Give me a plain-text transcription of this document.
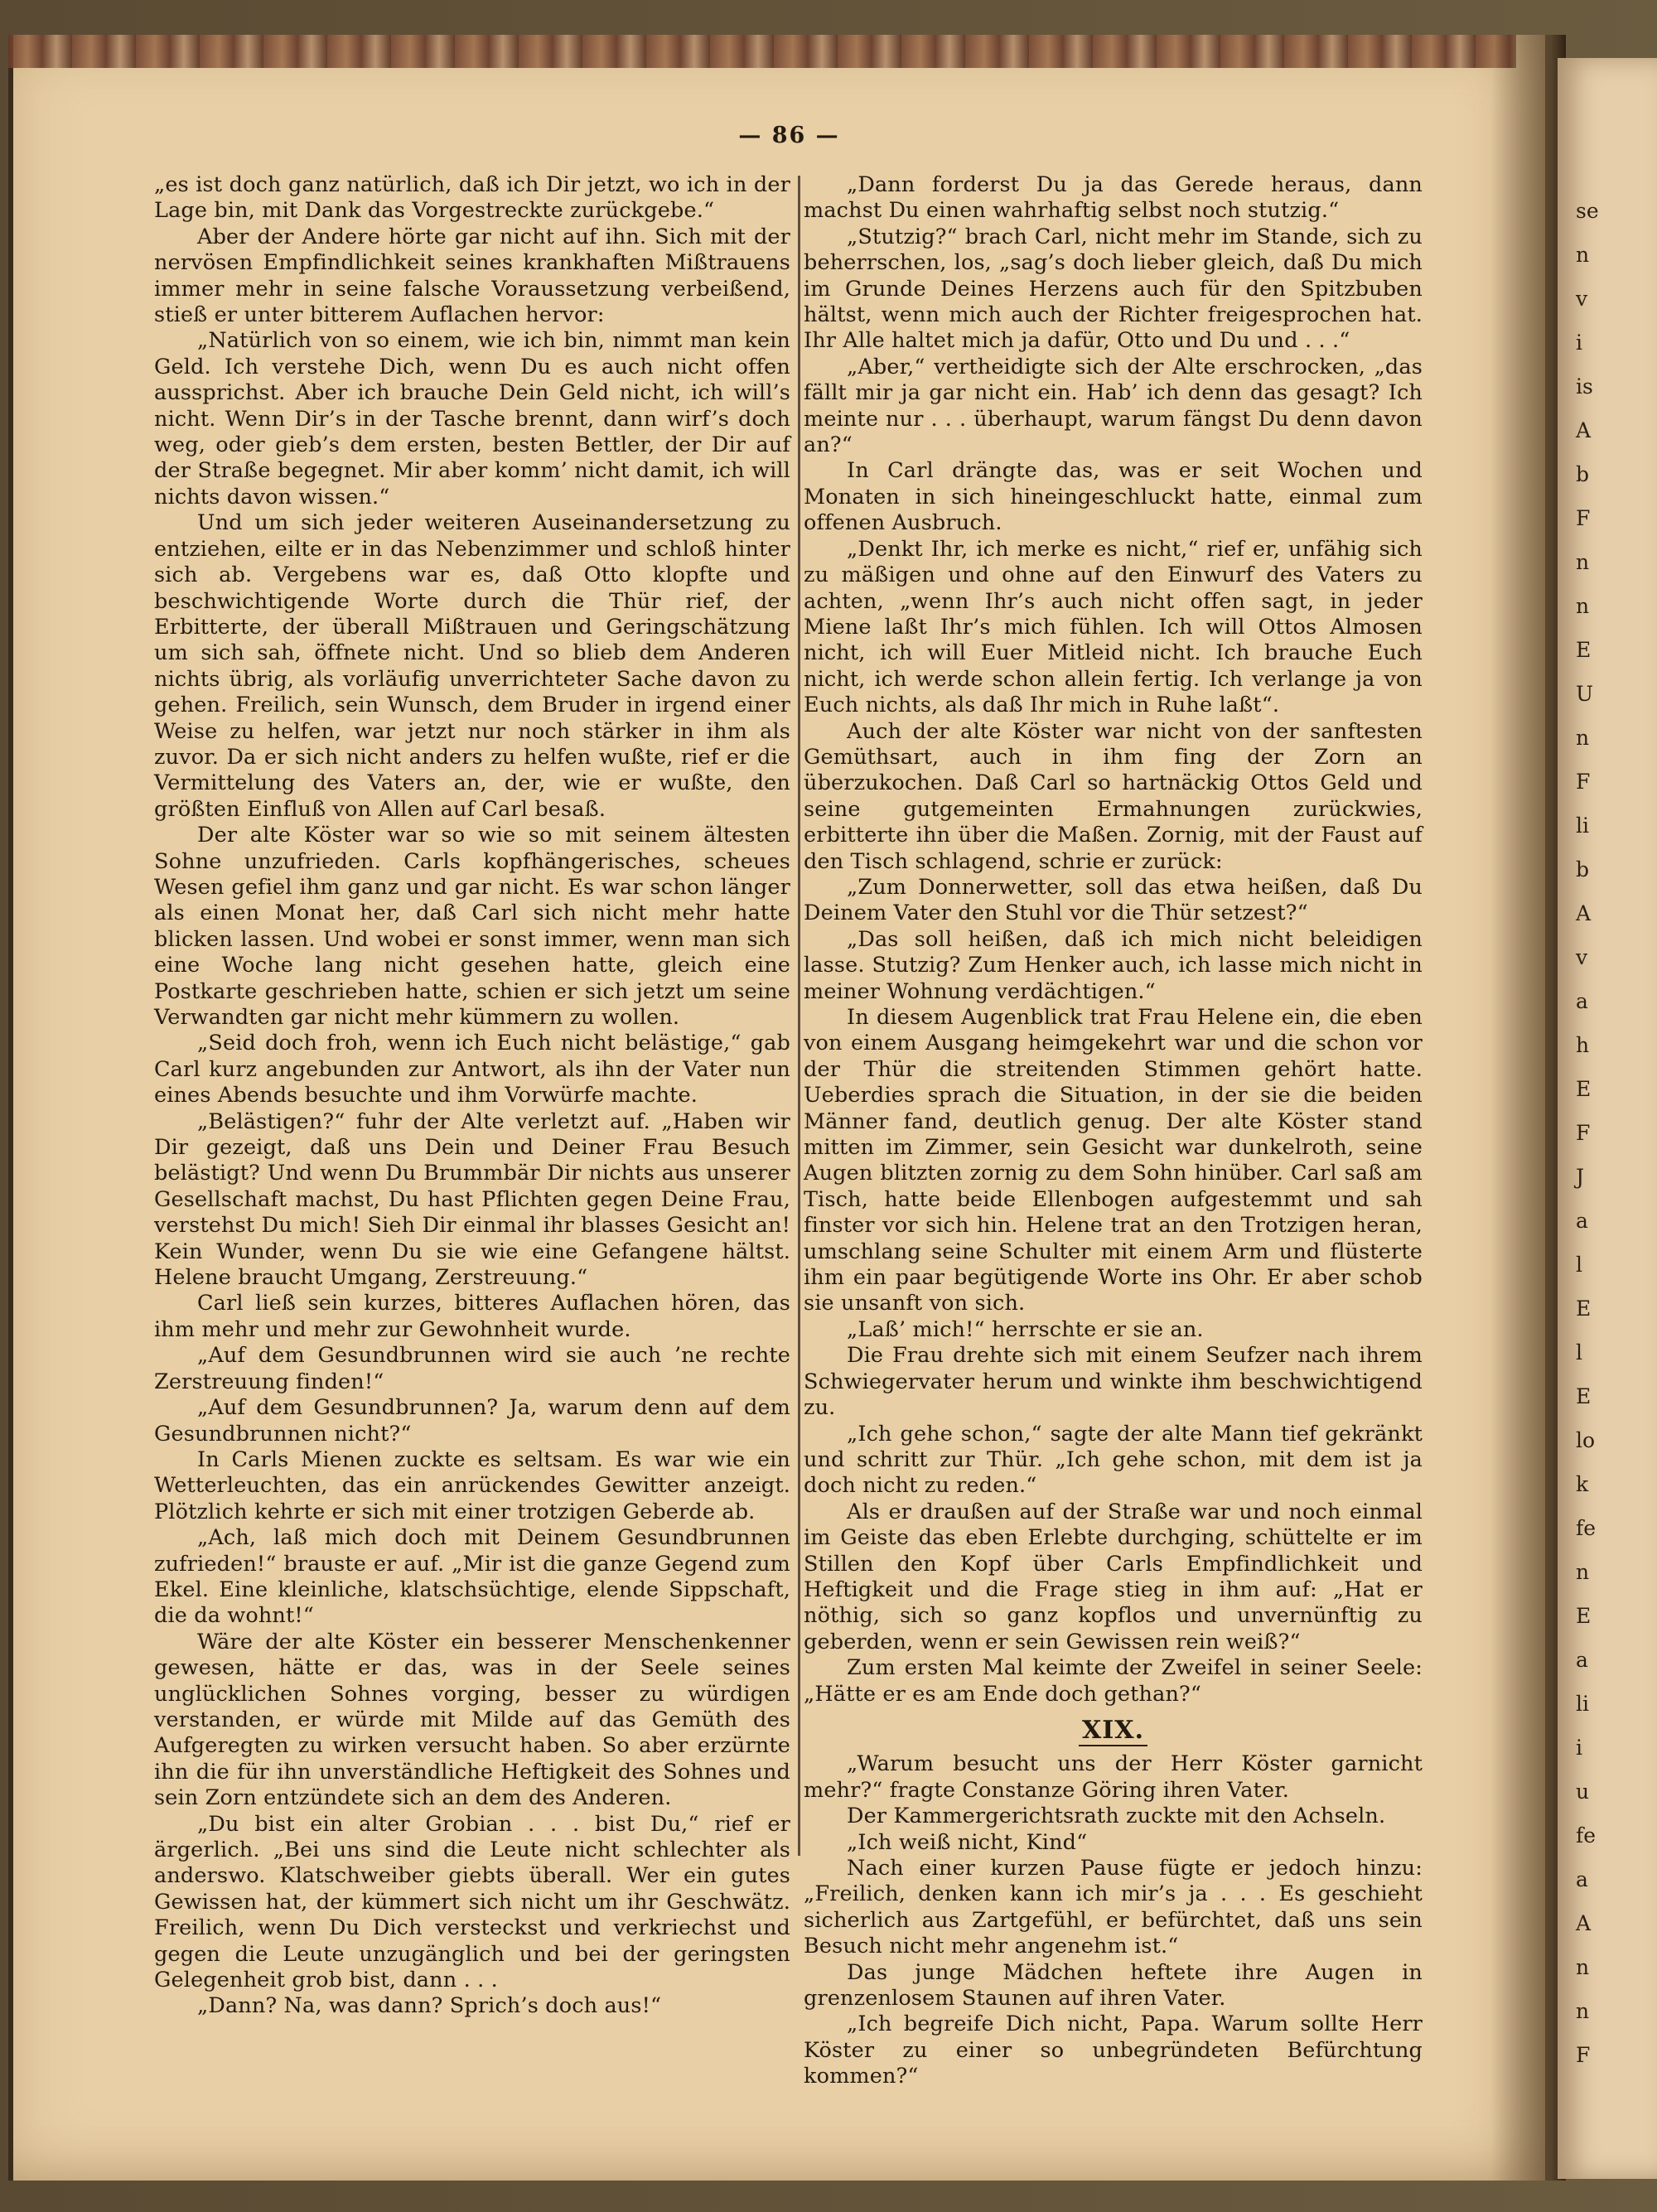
se
n
v
i
is
A
b
F
n
n
E
U
n
F
li
b
A
v
a
h
E
F
J
a
l
E
l
E
lo
k
fe
n
E
a
li
i
u
fe
a
A
n
n
F
— 86 —

„es ist doch ganz natürlich, daß ich Dir jetzt, wo ich in der Lage bin, mit Dank das Vorgestreckte zurückgebe.“

Aber der Andere hörte gar nicht auf ihn. Sich mit der nervösen Empfindlichkeit seines krankhaften Mißtrauens immer mehr in seine falsche Voraussetzung verbeißend, stieß er unter bitterem Auflachen hervor:

„Natürlich von so einem, wie ich bin, nimmt man kein Geld. Ich verstehe Dich, wenn Du es auch nicht offen aussprichst. Aber ich brauche Dein Geld nicht, ich will’s nicht. Wenn Dir’s in der Tasche brennt, dann wirf’s doch weg, oder gieb’s dem ersten, besten Bettler, der Dir auf der Straße begegnet. Mir aber komm’ nicht damit, ich will nichts davon wissen.“

Und um sich jeder weiteren Auseinandersetzung zu entziehen, eilte er in das Nebenzimmer und schloß hinter sich ab. Vergebens war es, daß Otto klopfte und beschwichtigende Worte durch die Thür rief, der Erbitterte, der überall Mißtrauen und Geringschätzung um sich sah, öffnete nicht. Und so blieb dem Anderen nichts übrig, als vorläufig unverrichteter Sache davon zu gehen. Freilich, sein Wunsch, dem Bruder in irgend einer Weise zu helfen, war jetzt nur noch stärker in ihm als zuvor. Da er sich nicht anders zu helfen wußte, rief er die Vermittelung des Vaters an, der, wie er wußte, den größten Einfluß von Allen auf Carl besaß.

Der alte Köster war so wie so mit seinem ältesten Sohne unzufrieden. Carls kopfhängerisches, scheues Wesen gefiel ihm ganz und gar nicht. Es war schon länger als einen Monat her, daß Carl sich nicht mehr hatte blicken lassen. Und wobei er sonst immer, wenn man sich eine Woche lang nicht gesehen hatte, gleich eine Postkarte geschrieben hatte, schien er sich jetzt um seine Verwandten gar nicht mehr kümmern zu wollen.

„Seid doch froh, wenn ich Euch nicht belästige,“ gab Carl kurz angebunden zur Antwort, als ihn der Vater nun eines Abends besuchte und ihm Vorwürfe machte.

„Belästigen?“ fuhr der Alte verletzt auf. „Haben wir Dir gezeigt, daß uns Dein und Deiner Frau Besuch belästigt? Und wenn Du Brummbär Dir nichts aus unserer Gesellschaft machst, Du hast Pflichten gegen Deine Frau, verstehst Du mich! Sieh Dir einmal ihr blasses Gesicht an! Kein Wunder, wenn Du sie wie eine Gefangene hältst. Helene braucht Umgang, Zerstreuung.“

Carl ließ sein kurzes, bitteres Auflachen hören, das ihm mehr und mehr zur Gewohnheit wurde.

„Auf dem Gesundbrunnen wird sie auch ’ne rechte Zerstreuung finden!“

„Auf dem Gesundbrunnen? Ja, warum denn auf dem Gesundbrunnen nicht?“

In Carls Mienen zuckte es seltsam. Es war wie ein Wetterleuchten, das ein anrückendes Gewitter anzeigt. Plötzlich kehrte er sich mit einer trotzigen Geberde ab.

„Ach, laß mich doch mit Deinem Gesundbrunnen zufrieden!“ brauste er auf. „Mir ist die ganze Gegend zum Ekel. Eine kleinliche, klatschsüchtige, elende Sippschaft, die da wohnt!“

Wäre der alte Köster ein besserer Menschenkenner gewesen, hätte er das, was in der Seele seines unglücklichen Sohnes vorging, besser zu würdigen verstanden, er würde mit Milde auf das Gemüth des Aufgeregten zu wirken versucht haben. So aber erzürnte ihn die für ihn unverständliche Heftigkeit des Sohnes und sein Zorn entzündete sich an dem des Anderen.

„Du bist ein alter Grobian . . . bist Du,“ rief er ärgerlich. „Bei uns sind die Leute nicht schlechter als anderswo. Klatschweiber giebts überall. Wer ein gutes Gewissen hat, der kümmert sich nicht um ihr Geschwätz. Freilich, wenn Du Dich versteckst und verkriechst und gegen die Leute unzugänglich und bei der geringsten Gelegenheit grob bist, dann . . .

„Dann? Na, was dann? Sprich’s doch aus!“

„Dann forderst Du ja das Gerede heraus, dann machst Du einen wahrhaftig selbst noch stutzig.“

„Stutzig?“ brach Carl, nicht mehr im Stande, sich zu beherrschen, los, „sag’s doch lieber gleich, daß Du mich im Grunde Deines Herzens auch für den Spitzbuben hältst, wenn mich auch der Richter freigesprochen hat. Ihr Alle haltet mich ja dafür, Otto und Du und . . .“

„Aber,“ vertheidigte sich der Alte erschrocken, „das fällt mir ja gar nicht ein. Hab’ ich denn das gesagt? Ich meinte nur . . . überhaupt, warum fängst Du denn davon an?“

In Carl drängte das, was er seit Wochen und Monaten in sich hineingeschluckt hatte, einmal zum offenen Ausbruch.

„Denkt Ihr, ich merke es nicht,“ rief er, unfähig sich zu mäßigen und ohne auf den Einwurf des Vaters zu achten, „wenn Ihr’s auch nicht offen sagt, in jeder Miene laßt Ihr’s mich fühlen. Ich will Ottos Almosen nicht, ich will Euer Mitleid nicht. Ich brauche Euch nicht, ich werde schon allein fertig. Ich verlange ja von Euch nichts, als daß Ihr mich in Ruhe laßt“.

Auch der alte Köster war nicht von der sanftesten Gemüthsart, auch in ihm fing der Zorn an überzukochen. Daß Carl so hartnäckig Ottos Geld und seine gutgemeinten Ermahnungen zurückwies, erbitterte ihn über die Maßen. Zornig, mit der Faust auf den Tisch schlagend, schrie er zurück:

„Zum Donnerwetter, soll das etwa heißen, daß Du Deinem Vater den Stuhl vor die Thür setzest?“

„Das soll heißen, daß ich mich nicht beleidigen lasse. Stutzig? Zum Henker auch, ich lasse mich nicht in meiner Wohnung verdächtigen.“

In diesem Augenblick trat Frau Helene ein, die eben von einem Ausgang heimgekehrt war und die schon vor der Thür die streitenden Stimmen gehört hatte. Ueberdies sprach die Situation, in der sie die beiden Männer fand, deutlich genug. Der alte Köster stand mitten im Zimmer, sein Gesicht war dunkelroth, seine Augen blitzten zornig zu dem Sohn hinüber. Carl saß am Tisch, hatte beide Ellenbogen aufgestemmt und sah finster vor sich hin. Helene trat an den Trotzigen heran, umschlang seine Schulter mit einem Arm und flüsterte ihm ein paar begütigende Worte ins Ohr. Er aber schob sie unsanft von sich.

„Laß’ mich!“ herrschte er sie an.

Die Frau drehte sich mit einem Seufzer nach ihrem Schwiegervater herum und winkte ihm beschwichtigend zu.

„Ich gehe schon,“ sagte der alte Mann tief gekränkt und schritt zur Thür. „Ich gehe schon, mit dem ist ja doch nicht zu reden.“

Als er draußen auf der Straße war und noch einmal im Geiste das eben Erlebte durchging, schüttelte er im Stillen den Kopf über Carls Empfindlichkeit und Heftigkeit und die Frage stieg in ihm auf: „Hat er nöthig, sich so ganz kopflos und unvernünftig zu geberden, wenn er sein Gewissen rein weiß?“

Zum ersten Mal keimte der Zweifel in seiner Seele: „Hätte er es am Ende doch gethan?“

XIX.

„Warum besucht uns der Herr Köster garnicht mehr?“ fragte Constanze Göring ihren Vater.

Der Kammergerichtsrath zuckte mit den Achseln.

„Ich weiß nicht, Kind“

Nach einer kurzen Pause fügte er jedoch hinzu: „Freilich, denken kann ich mir’s ja . . . Es geschieht sicherlich aus Zartgefühl, er befürchtet, daß uns sein Besuch nicht mehr angenehm ist.“

Das junge Mädchen heftete ihre Augen in grenzenlosem Staunen auf ihren Vater.

„Ich begreife Dich nicht, Papa. Warum sollte Herr Köster zu einer so unbegründeten Befürchtung kommen?“
